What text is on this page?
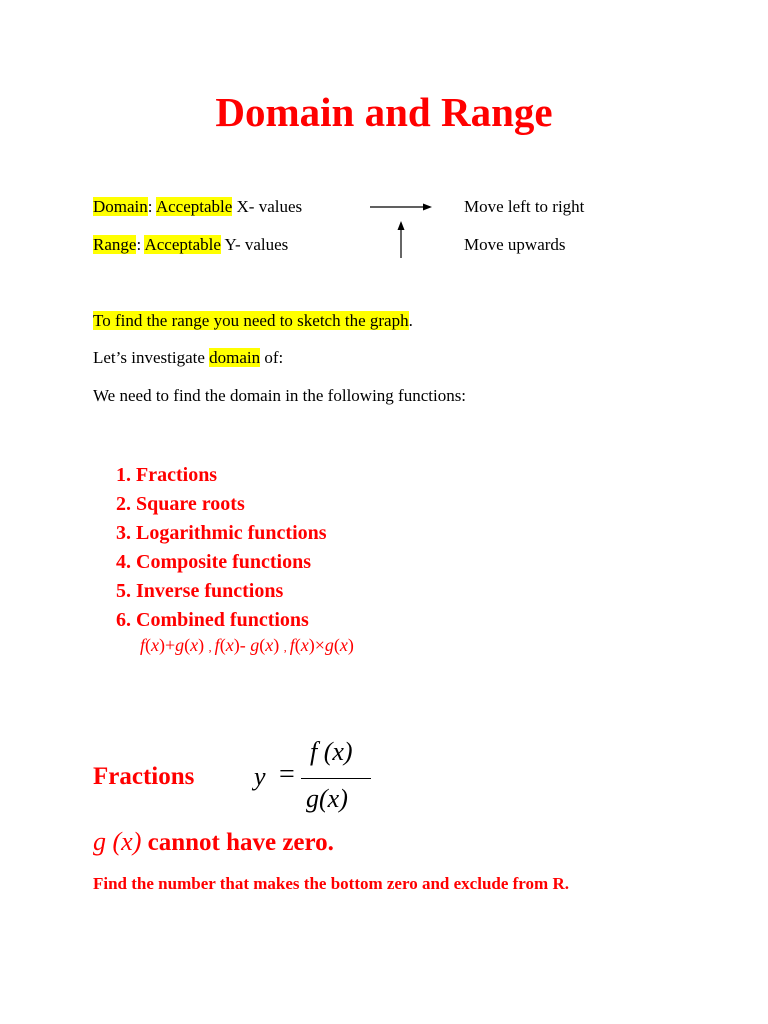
Domain and Range
Domain: Acceptable X- values	Move left to right
Range: Acceptable Y- values	Move upwards
To find the range you need to sketch the graph.
Let’s investigate domain of:
We need to find the domain in the following functions:
1. Fractions
2. Square roots
3. Logarithmic functions
4. Composite functions
5. Inverse functions
6. Combined functions
f(x)+g(x) , f(x)- g(x) , f(x)×g(x)
Fractions y =
f (x)
g(x)
g (x) cannot have zero.
Find the number that makes the bottom zero and exclude from R.
